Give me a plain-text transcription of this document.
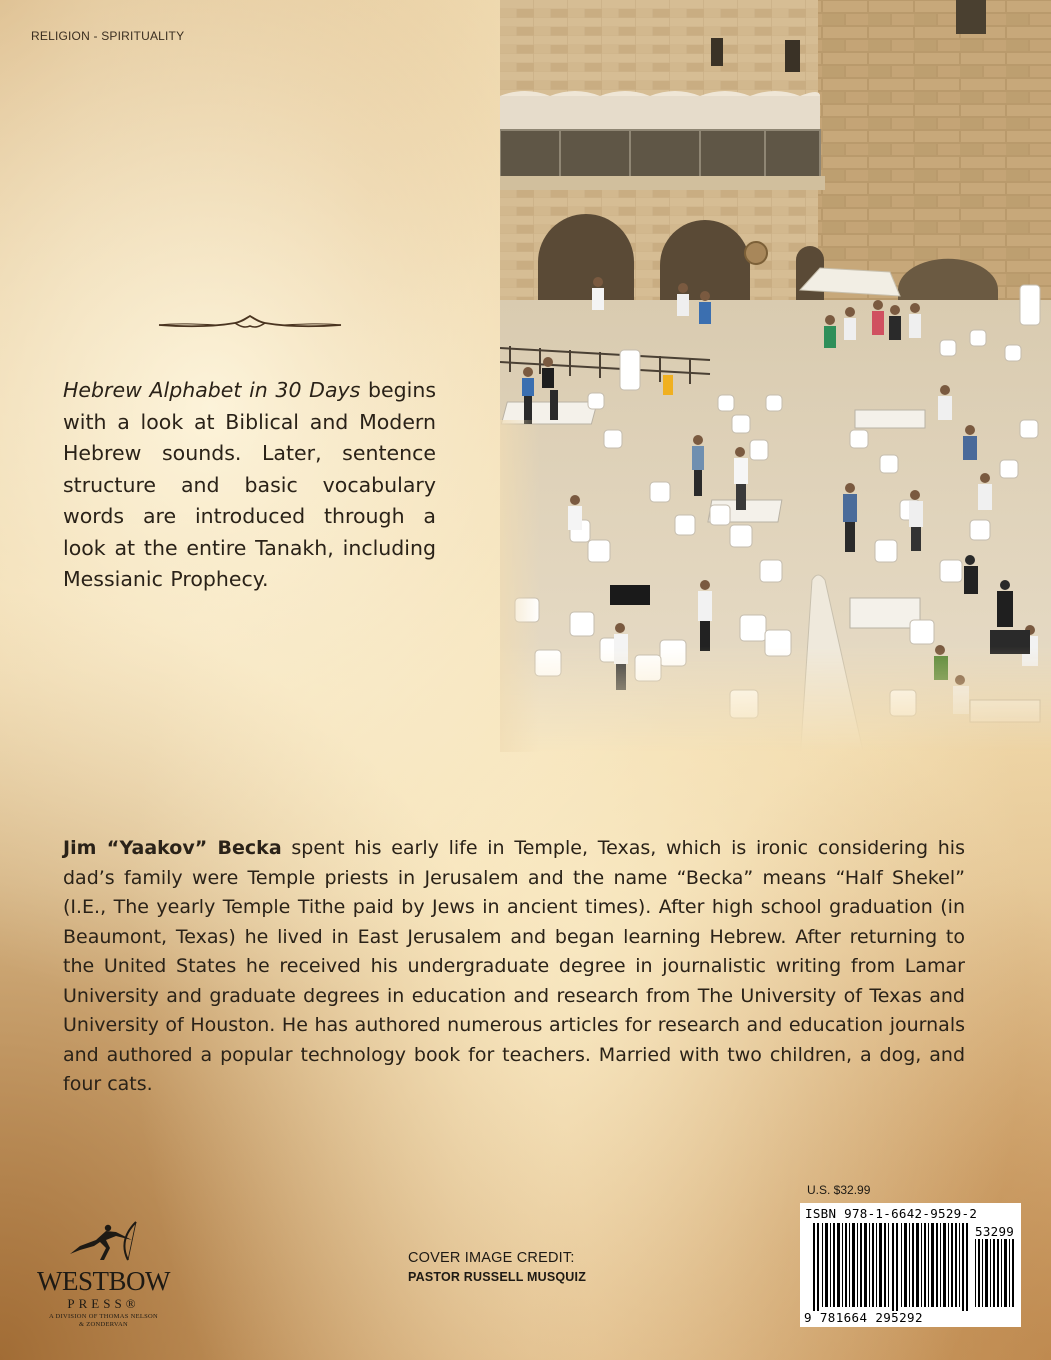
RELIGION - SPIRITUALITY
Hebrew Alphabet in 30 Days begins with a look at Biblical and Modern Hebrew sounds. Later, sentence structure and basic vocabulary words are introduced through a look at the entire Tanakh, including Messianic Prophecy.
Jim “Yaakov” Becka spent his early life in Temple, Texas, which is ironic considering his dad’s family were Temple priests in Jerusalem and the name “Becka” means “Half Shekel” (I.E., The yearly Temple Tithe paid by Jews in ancient times). After high school graduation (in Beaumont, Texas) he lived in East Jerusalem and began learning Hebrew. After returning to the United States he received his undergraduate degree in journalistic writing from Lamar University and graduate degrees in education and research from The University of Texas and University of Houston. He has authored numerous articles for research and education journals and authored a popular technology book for teachers. Married with two children, a dog, and four cats.
WESTBOW
PRESS®
A DIVISION OF THOMAS NELSON
& ZONDERVAN
COVER IMAGE CREDIT:
PASTOR RUSSELL MUSQUIZ
U.S. $32.99
ISBN 978-1-6642-9529-2
53299
9 781664 295292
